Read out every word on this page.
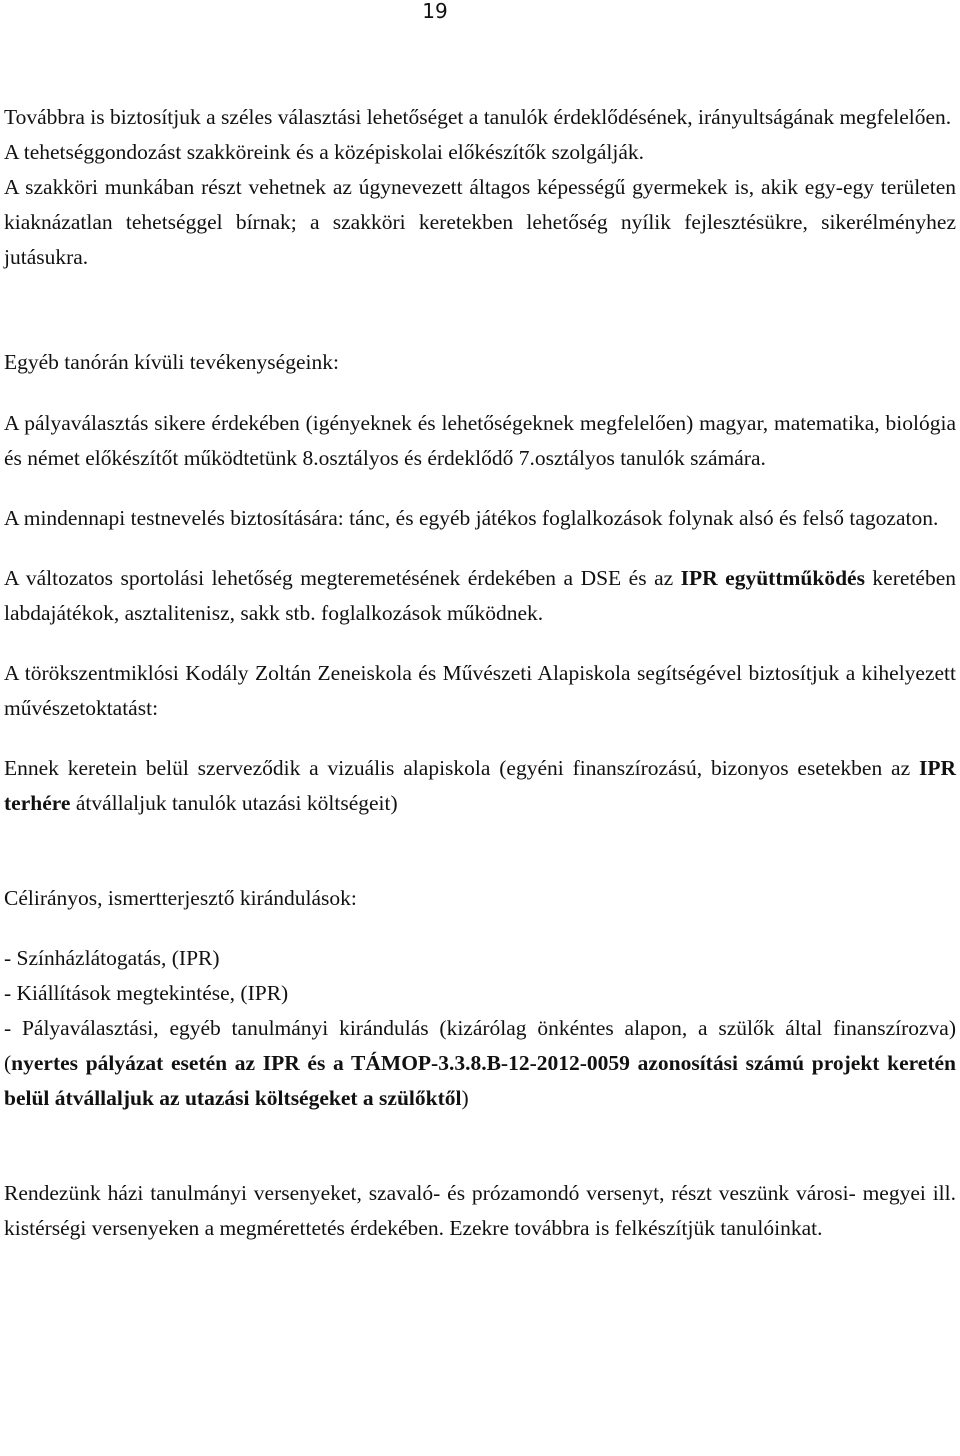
19

Továbbra is biztosítjuk a széles választási lehetőséget a tanulók érdeklődésének, irányultságának megfelelően.

A tehetséggondozást szakköreink és a középiskolai előkészítők szolgálják.

A szakköri munkában részt vehetnek az úgynevezett áltagos képességű gyermekek is, akik egy-egy területen kiaknázatlan tehetséggel bírnak; a szakköri keretekben lehetőség nyílik fejlesztésükre, sikerélményhez jutásukra.

Egyéb tanórán kívüli tevékenységeink:

A pályaválasztás sikere érdekében (igényeknek és lehetőségeknek megfelelően) magyar, matematika, biológia és német előkészítőt működtetünk 8.osztályos és érdeklődő 7.osztályos tanulók számára.

A mindennapi testnevelés biztosítására: tánc, és egyéb játékos foglalkozások folynak alsó és felső tagozaton.

A változatos sportolási lehetőség megteremetésének érdekében a DSE és az IPR együttműködés keretében labdajátékok, asztalitenisz, sakk stb. foglalkozások működnek.

A törökszentmiklósi Kodály Zoltán Zeneiskola és Művészeti Alapiskola segítségével biztosítjuk a kihelyezett művészetoktatást:

Ennek keretein belül szerveződik a vizuális alapiskola (egyéni finanszírozású, bizonyos esetekben az IPR terhére átvállaljuk tanulók utazási költségeit)

Célirányos, ismertterjesztő kirándulások:

- Színházlátogatás, (IPR)

- Kiállítások megtekintése, (IPR)

- Pályaválasztási, egyéb tanulmányi kirándulás (kizárólag önkéntes alapon, a szülők által finanszírozva) (nyertes pályázat esetén az IPR és a TÁMOP-3.3.8.B-12-2012-0059 azonosítási számú projekt keretén belül átvállaljuk az utazási költségeket a szülőktől)

Rendezünk házi tanulmányi versenyeket, szavaló- és prózamondó versenyt, részt veszünk városi- megyei ill. kistérségi versenyeken a megmérettetés érdekében. Ezekre továbbra is felkészítjük tanulóinkat.
